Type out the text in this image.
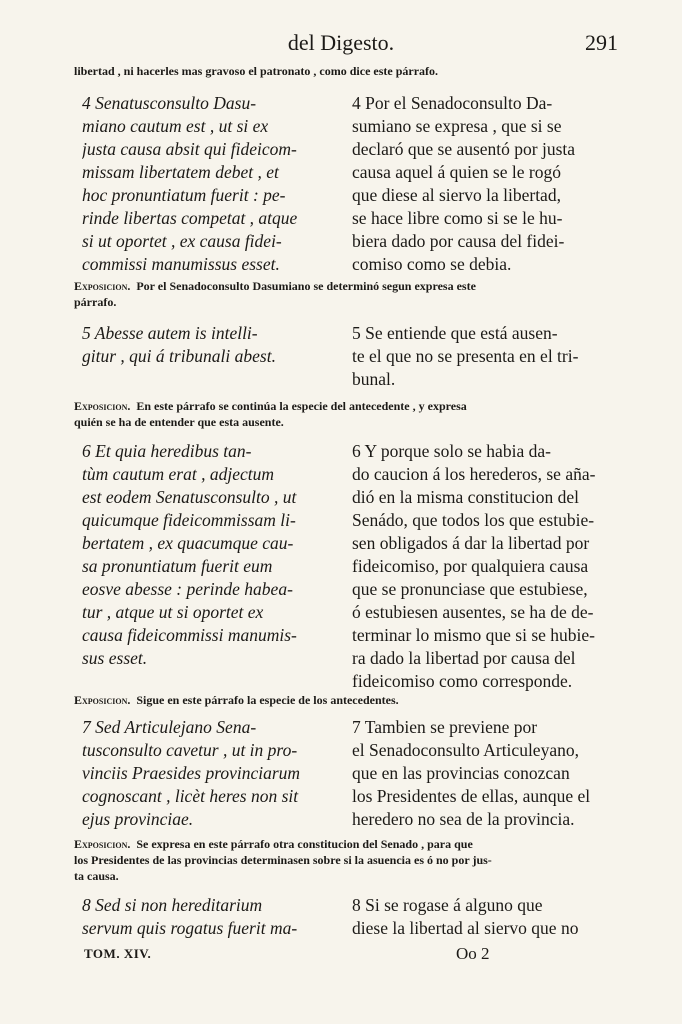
del Digesto.	291
libertad , ni hacerles mas gravoso el patronato , como dice este párrafo.
4 Senatusconsulto Dasu-
miano cautum est , ut si ex
justa causa absit qui fideicom-
missam libertatem debet , et
hoc pronuntiatum fuerit : pe-
rinde libertas competat , atque
si ut oportet , ex causa fidei-
commissi manumissus esset.
4 Por el Senadoconsulto Da-
sumiano se expresa , que si se
declaró que se ausentó por justa
causa aquel á quien se le rogó
que diese al siervo la libertad,
se hace libre como si se le hu-
biera dado por causa del fidei-
comiso como se debia.
Exposicion. Por el Senadoconsulto Dasumiano se determinó segun expresa este
párrafo.
5 Abesse autem is intelli-
gitur , qui á tribunali abest.
5 Se entiende que está ausen-
te el que no se presenta en el tri-
bunal.
Exposicion. En este párrafo se continúa la especie del antecedente , y expresa
quién se ha de entender que esta ausente.
6 Et quia heredibus tan-
tùm cautum erat , adjectum
est eodem Senatusconsulto , ut
quicumque fideicommissam li-
bertatem , ex quacumque cau-
sa pronuntiatum fuerit eum
eosve abesse : perinde habea-
tur , atque ut si oportet ex
causa fideicommissi manumis-
sus esset.
6 Y porque solo se habia da-
do caucion á los herederos, se aña-
dió en la misma constitucion del
Senádo, que todos los que estubie-
sen obligados á dar la libertad por
fideicomiso, por qualquiera causa
que se pronunciase que estubiese,
ó estubiesen ausentes, se ha de de-
terminar lo mismo que si se hubie-
ra dado la libertad por causa del
fideicomiso como corresponde.
Exposicion. Sigue en este párrafo la especie de los antecedentes.
7 Sed Articulejano Sena-
tusconsulto cavetur , ut in pro-
vinciis Praesides provinciarum
cognoscant , licèt heres non sit
ejus provinciae.
7 Tambien se previene por
el Senadoconsulto Articuleyano,
que en las provincias conozcan
los Presidentes de ellas, aunque el
heredero no sea de la provincia.
Exposicion. Se expresa en este párrafo otra constitucion del Senado , para que
los Presidentes de las provincias determinasen sobre si la asuencia es ó no por jus-
ta causa.
8 Sed si non hereditarium
servum quis rogatus fuerit ma-
8 Si se rogase á alguno que
diese la libertad al siervo que no
TOM. XIV.	Oo 2
